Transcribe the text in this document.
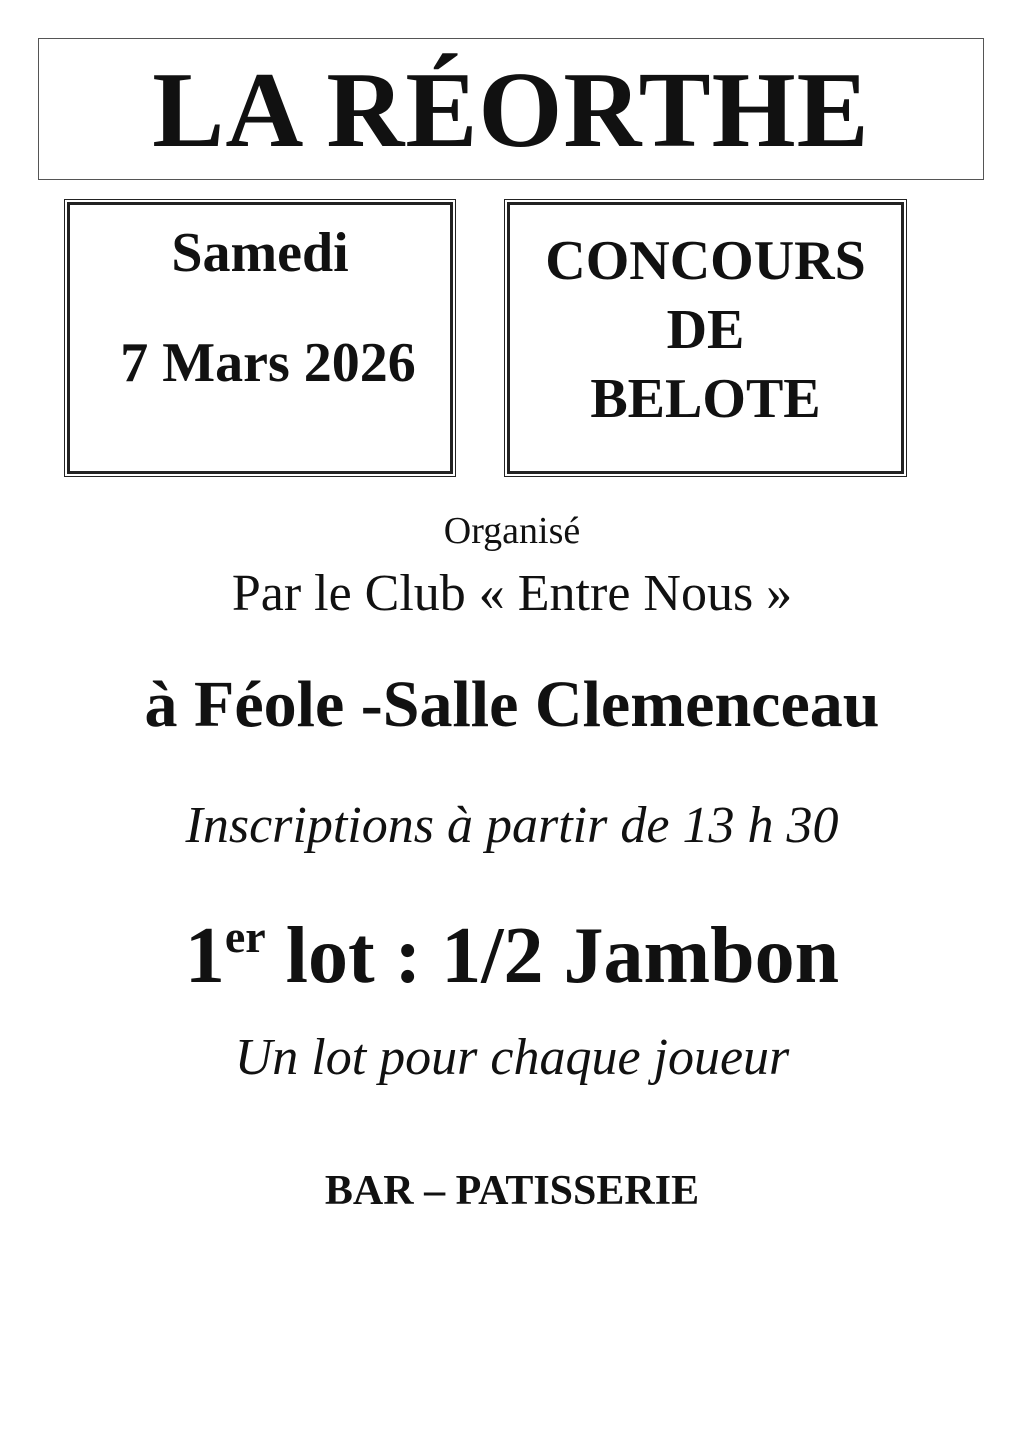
LA RÉORTHE
Samedi
7 Mars 2026
CONCOURS
DE
BELOTE
Organisé
Par le Club « Entre Nous »
à Féole -Salle Clemenceau
Inscriptions à partir de 13 h 30
1er lot : 1/2 Jambon
Un lot pour chaque joueur
BAR – PATISSERIE
